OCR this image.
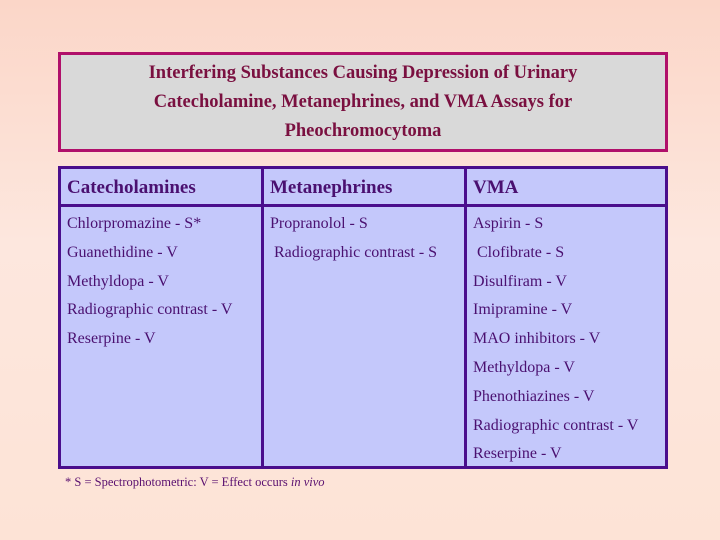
Interfering Substances Causing Depression of Urinary
Catecholamine, Metanephrines, and VMA Assays for
Pheochromocytoma
Catecholamines
Chlorpromazine - S*
Guanethidine - V
Methyldopa - V
Radiographic contrast - V
Reserpine - V
Metanephrines
Propranolol - S
Radiographic contrast - S
VMA
Aspirin - S
Clofibrate - S
Disulfiram - V
Imipramine - V
MAO inhibitors - V
Methyldopa - V
Phenothiazines - V
Radiographic contrast - V
Reserpine - V
* S = Spectrophotometric: V = Effect occurs in vivo
